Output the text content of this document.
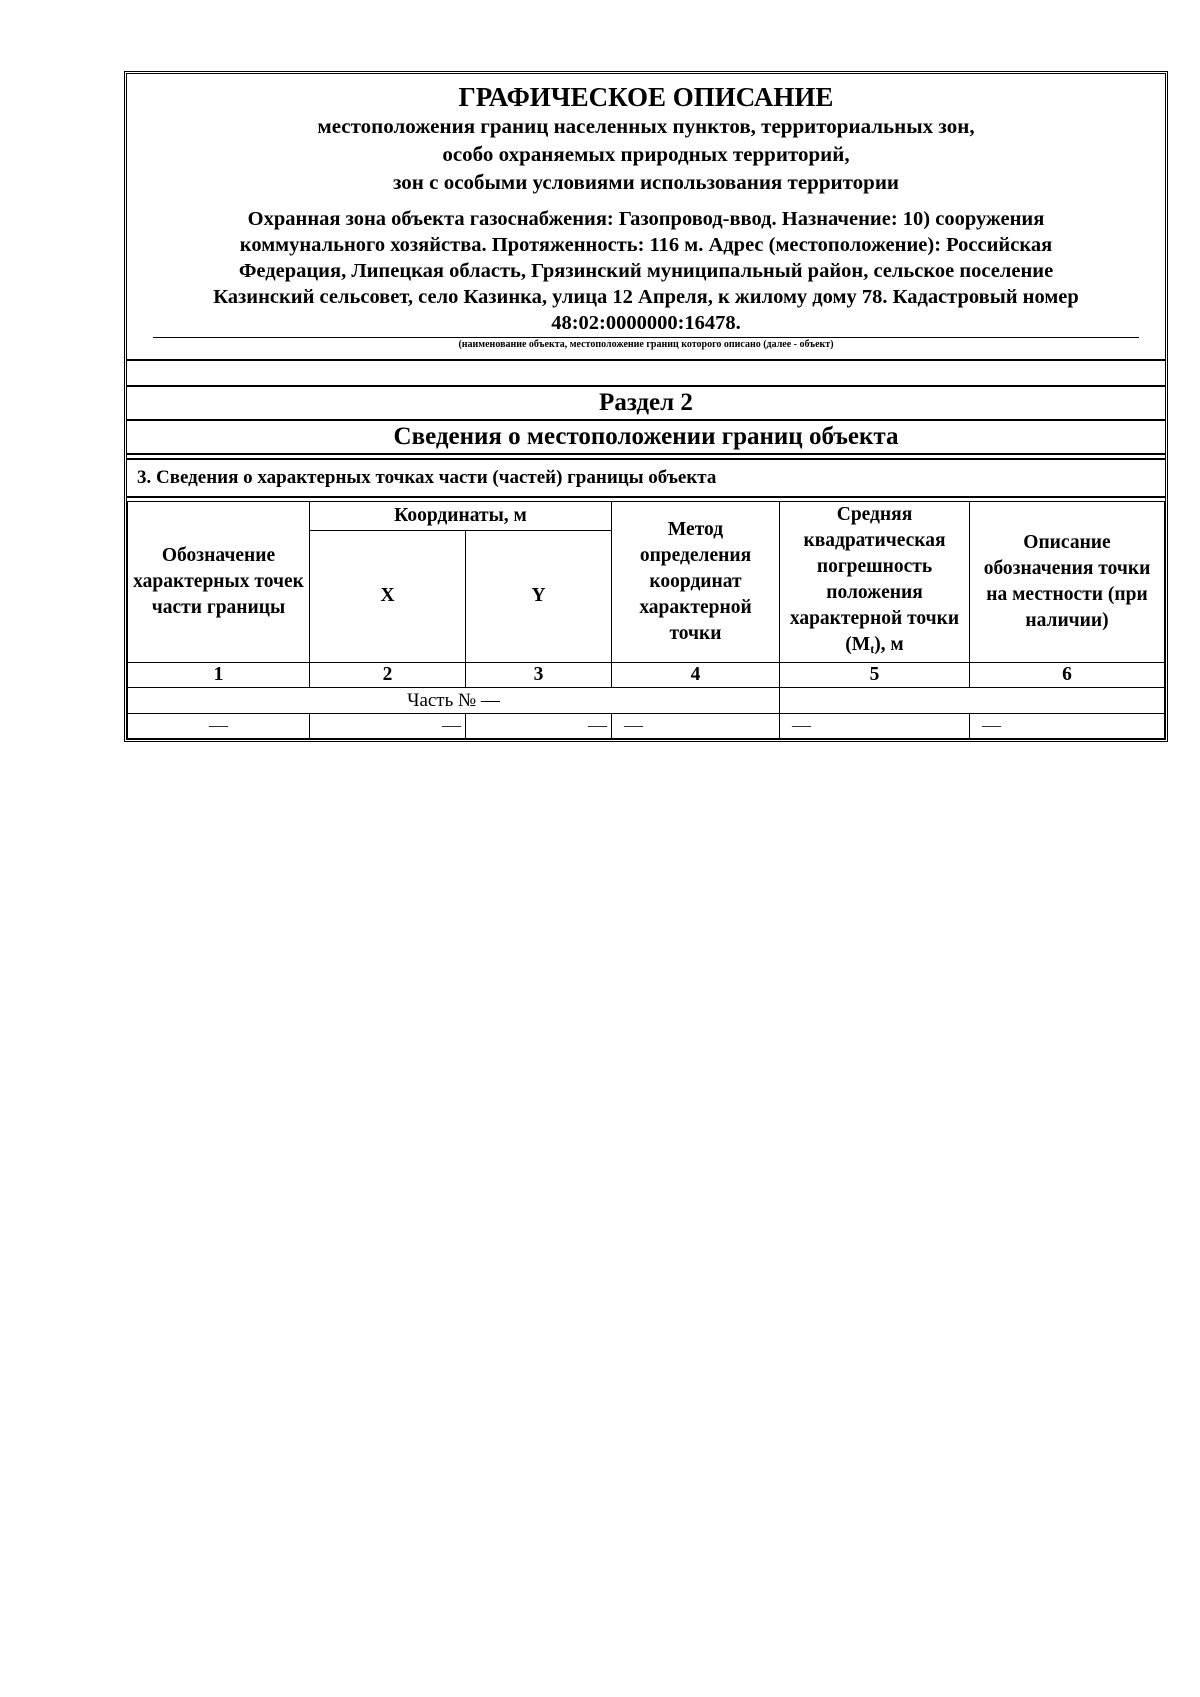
ГРАФИЧЕСКОЕ ОПИСАНИЕ
местоположения границ населенных пунктов, территориальных зон,
особо охраняемых природных территорий,
зон с особыми условиями использования территории
Охранная зона объекта газоснабжения: Газопровод-ввод. Назначение: 10) сооружения
коммунального хозяйства. Протяженность: 116 м. Адрес (местоположение): Российская
Федерация, Липецкая область, Грязинский муниципальный район, сельское поселение
Казинский сельсовет, село Казинка, улица 12 Апреля, к жилому дому 78. Кадастровый номер
48:02:0000000:16478.
(наименование объекта, местоположение границ которого описано (далее - объект)
Раздел 2
Сведения о местоположении границ объекта
3. Сведения о характерных точках части (частей) границы объекта
Обозначение характерных точек части границы	Координаты, м		Метод определения координат характерной точки	Средняя квадратическая погрешность положения характерной точки (Mt), м	Описание обозначения точки на местности (при наличии)
	X	Y			
1	2	3	4	5	6
Часть № —					
—	—	—	—	—	—
